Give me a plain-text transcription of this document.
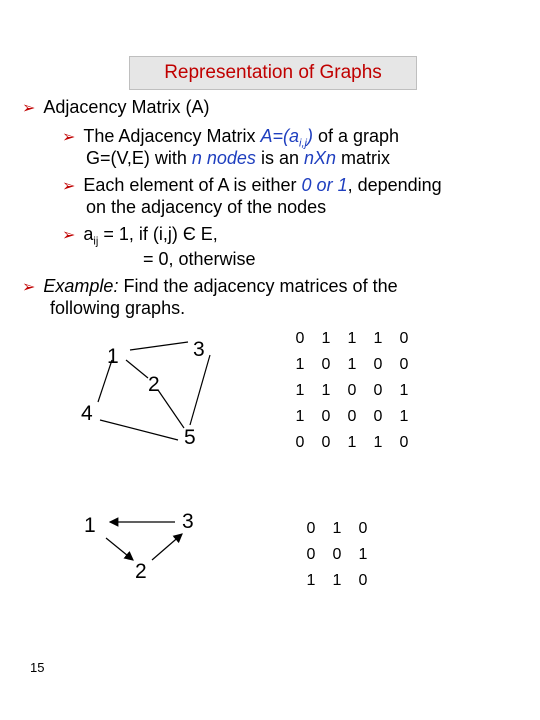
Representation of Graphs
➢ Adjacency Matrix (A)
➢ The Adjacency Matrix $A=(a_{i,j})$ of a graph
G=(V,E) with n nodes is an nXn matrix
➢ Each element of A is either 0 or 1, depending
on the adjacency of the nodes
➢ $a_{ij} = 1$, if (i,j) Є E,
= 0, otherwise
➢ Example: Find the adjacency matrices of the
following graphs.
1
2
3
4
5
1
2
3
0	1	1	1	0
1	0	1	0	0
1	1	0	0	1
1	0	0	0	1
0	0	1	1	0
0	1	0
0	0	1
1	1	0
15
